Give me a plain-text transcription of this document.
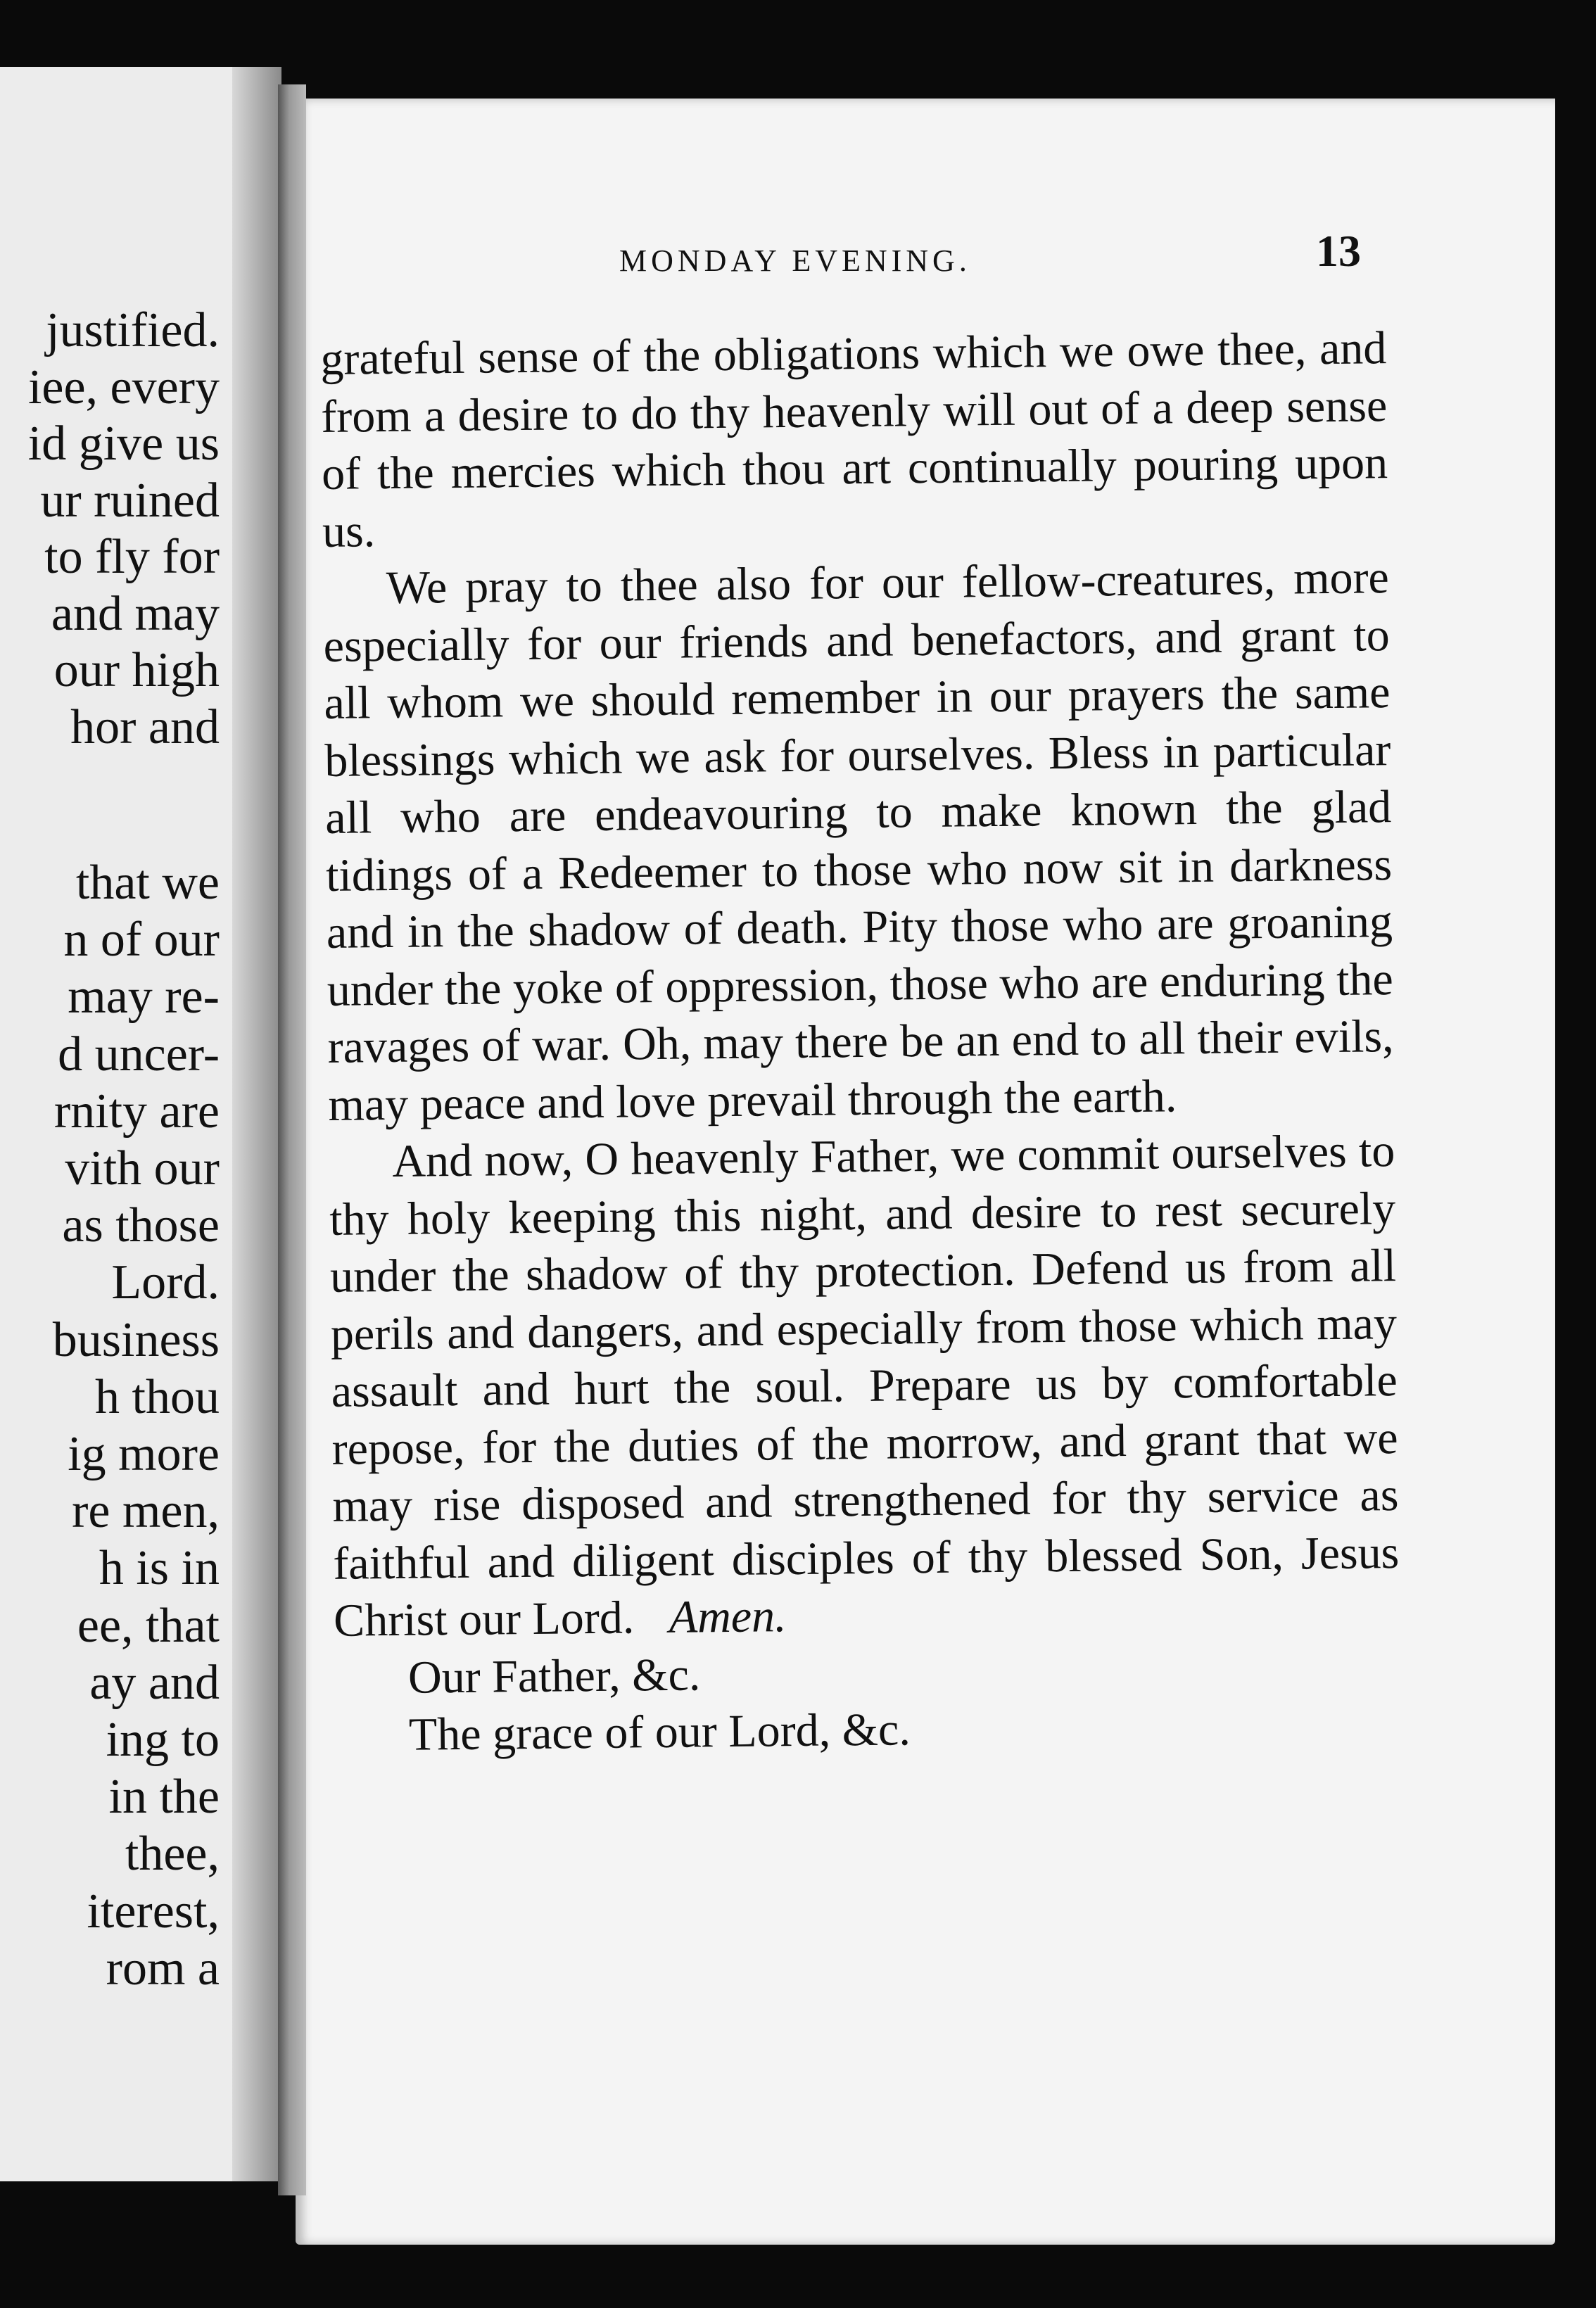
justified.
iee, every
id give us
ur ruined
to fly for
and may
our high
hor and
that we
n of our
may re-
d uncer-
rnity are
vith our
as those
Lord.
business
h thou
ig more
re men,
h is in
ee, that
ay and
ing to
in the
thee,
iterest,
rom a
MONDAY EVENING.	13

grateful sense of the obligations which we owe thee, and from a desire to do thy heavenly will out of a deep sense of the mercies which thou art continually pouring upon us.

We pray to thee also for our fellow-creatures, more especially for our friends and benefactors, and grant to all whom we should remember in our prayers the same blessings which we ask for ourselves. Bless in particular all who are endeavouring to make known the glad tidings of a Redeemer to those who now sit in darkness and in the shadow of death. Pity those who are groaning under the yoke of oppression, those who are enduring the ravages of war. Oh, may there be an end to all their evils, may peace and love prevail through the earth.

And now, O heavenly Father, we commit ourselves to thy holy keeping this night, and desire to rest securely under the shadow of thy protection. Defend us from all perils and dangers, and especially from those which may assault and hurt the soul. Prepare us by comfortable repose, for the duties of the morrow, and grant that we may rise disposed and strengthened for thy service as faithful and diligent disciples of thy blessed Son, Jesus Christ our Lord. Amen.

Our Father, &c.

The grace of our Lord, &c.
